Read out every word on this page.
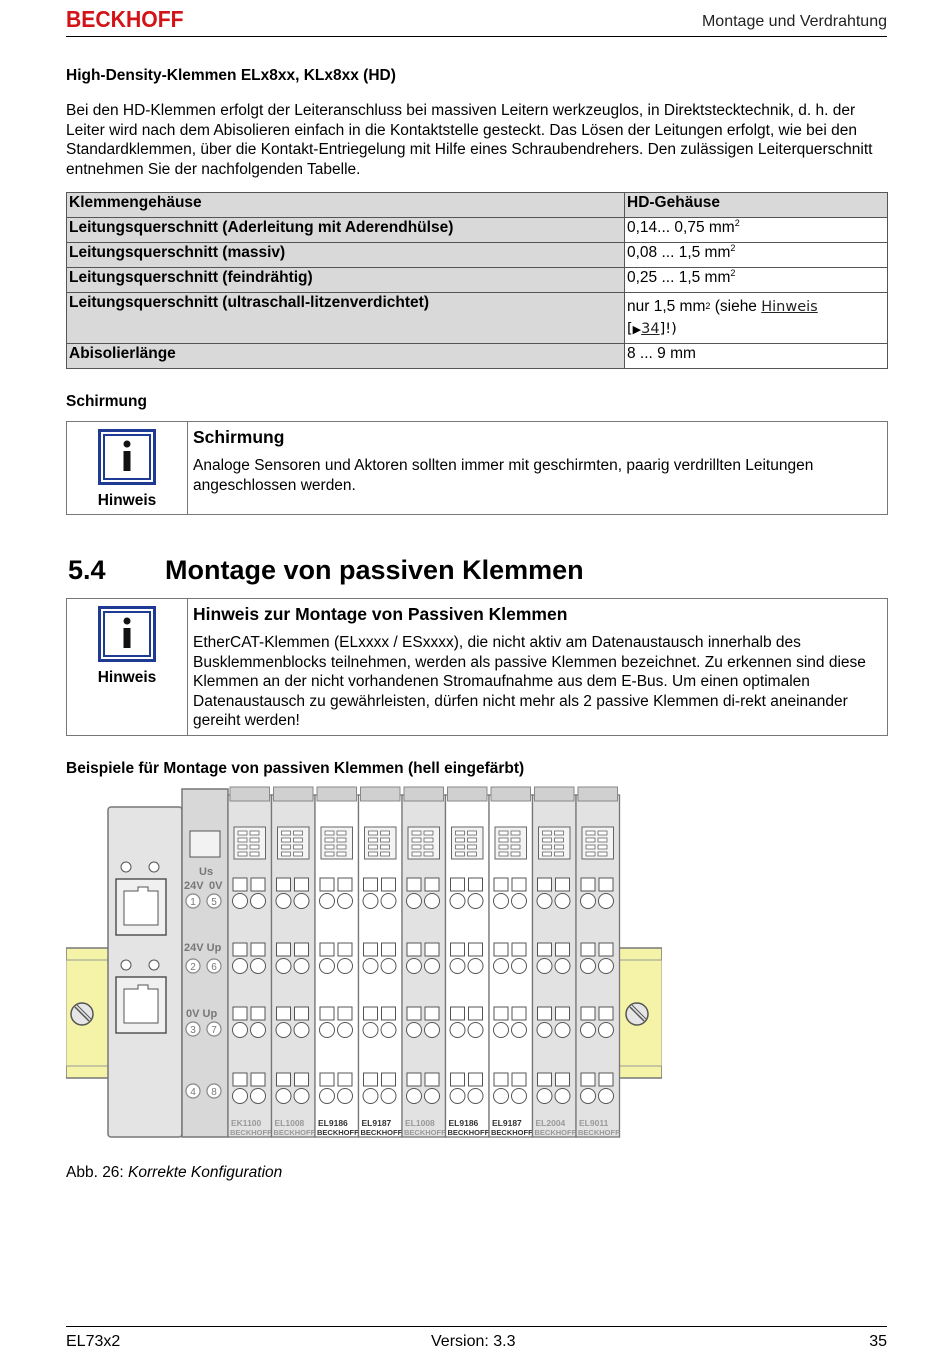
BECKHOFF	Montage und Verdrahtung
High-Density-Klemmen ELx8xx, KLx8xx (HD)
Bei den HD-Klemmen erfolgt der Leiteranschluss bei massiven Leitern werkzeuglos, in Direktstecktechnik, d. h. der Leiter wird nach dem Abisolieren einfach in die Kontaktstelle gesteckt. Das Lösen der Leitungen erfolgt, wie bei den Standardklemmen, über die Kontakt-Entriegelung mit Hilfe eines Schraubendrehers. Den zulässigen Leiterquerschnitt entnehmen Sie der nachfolgenden Tabelle.
Klemmengehäuse	HD-Gehäuse
Leitungsquerschnitt (Aderleitung mit Aderendhülse)	0,14... 0,75 $mm^2$
Leitungsquerschnitt (massiv)	0,08 ... 1,5 $mm^2$
Leitungsquerschnitt (feindrähtig)	0,25 ... 1,5 $mm^2$
Leitungsquerschnitt (ultraschall-litzenverdichtet)	nur 1,5 $mm^2$ (siehe Hinweis
[▶34]!)
Abisolierlänge	8 ... 9 mm
Schirmung
Hinweis
Schirmung
Analoge Sensoren und Aktoren sollten immer mit geschirmten, paarig verdrillten Leitungen angeschlossen werden.
5.4 Montage von passiven Klemmen
Hinweis
Hinweis zur Montage von Passiven Klemmen
EtherCAT-Klemmen (ELxxxx / ESxxxx), die nicht aktiv am Datenaustausch innerhalb des Busklemmenblocks teilnehmen, werden als passive Klemmen bezeichnet. Zu erkennen sind diese Klemmen an der nicht vorhandenen Stromaufnahme aus dem E-Bus. Um einen optimalen Datenaustausch zu gewährleisten, dürfen nicht mehr als 2 passive Klemmen di-rekt aneinander gereiht werden!
Beispiele für Montage von passiven Klemmen (hell eingefärbt)
Us
24V 0V
24V Up
0V Up
1 5
2 6
3 7
4 8
EK1100
BECKHOFF
EL1008
BECKHOFF
EL9186
BECKHOFF
EL9187
BECKHOFF
EL1008
BECKHOFF
EL9186
BECKHOFF
EL9187
BECKHOFF
EL2004
BECKHOFF
EL9011
BECKHOFF
Abb. 26: Korrekte Konfiguration
EL73x2	Version: 3.3	35
